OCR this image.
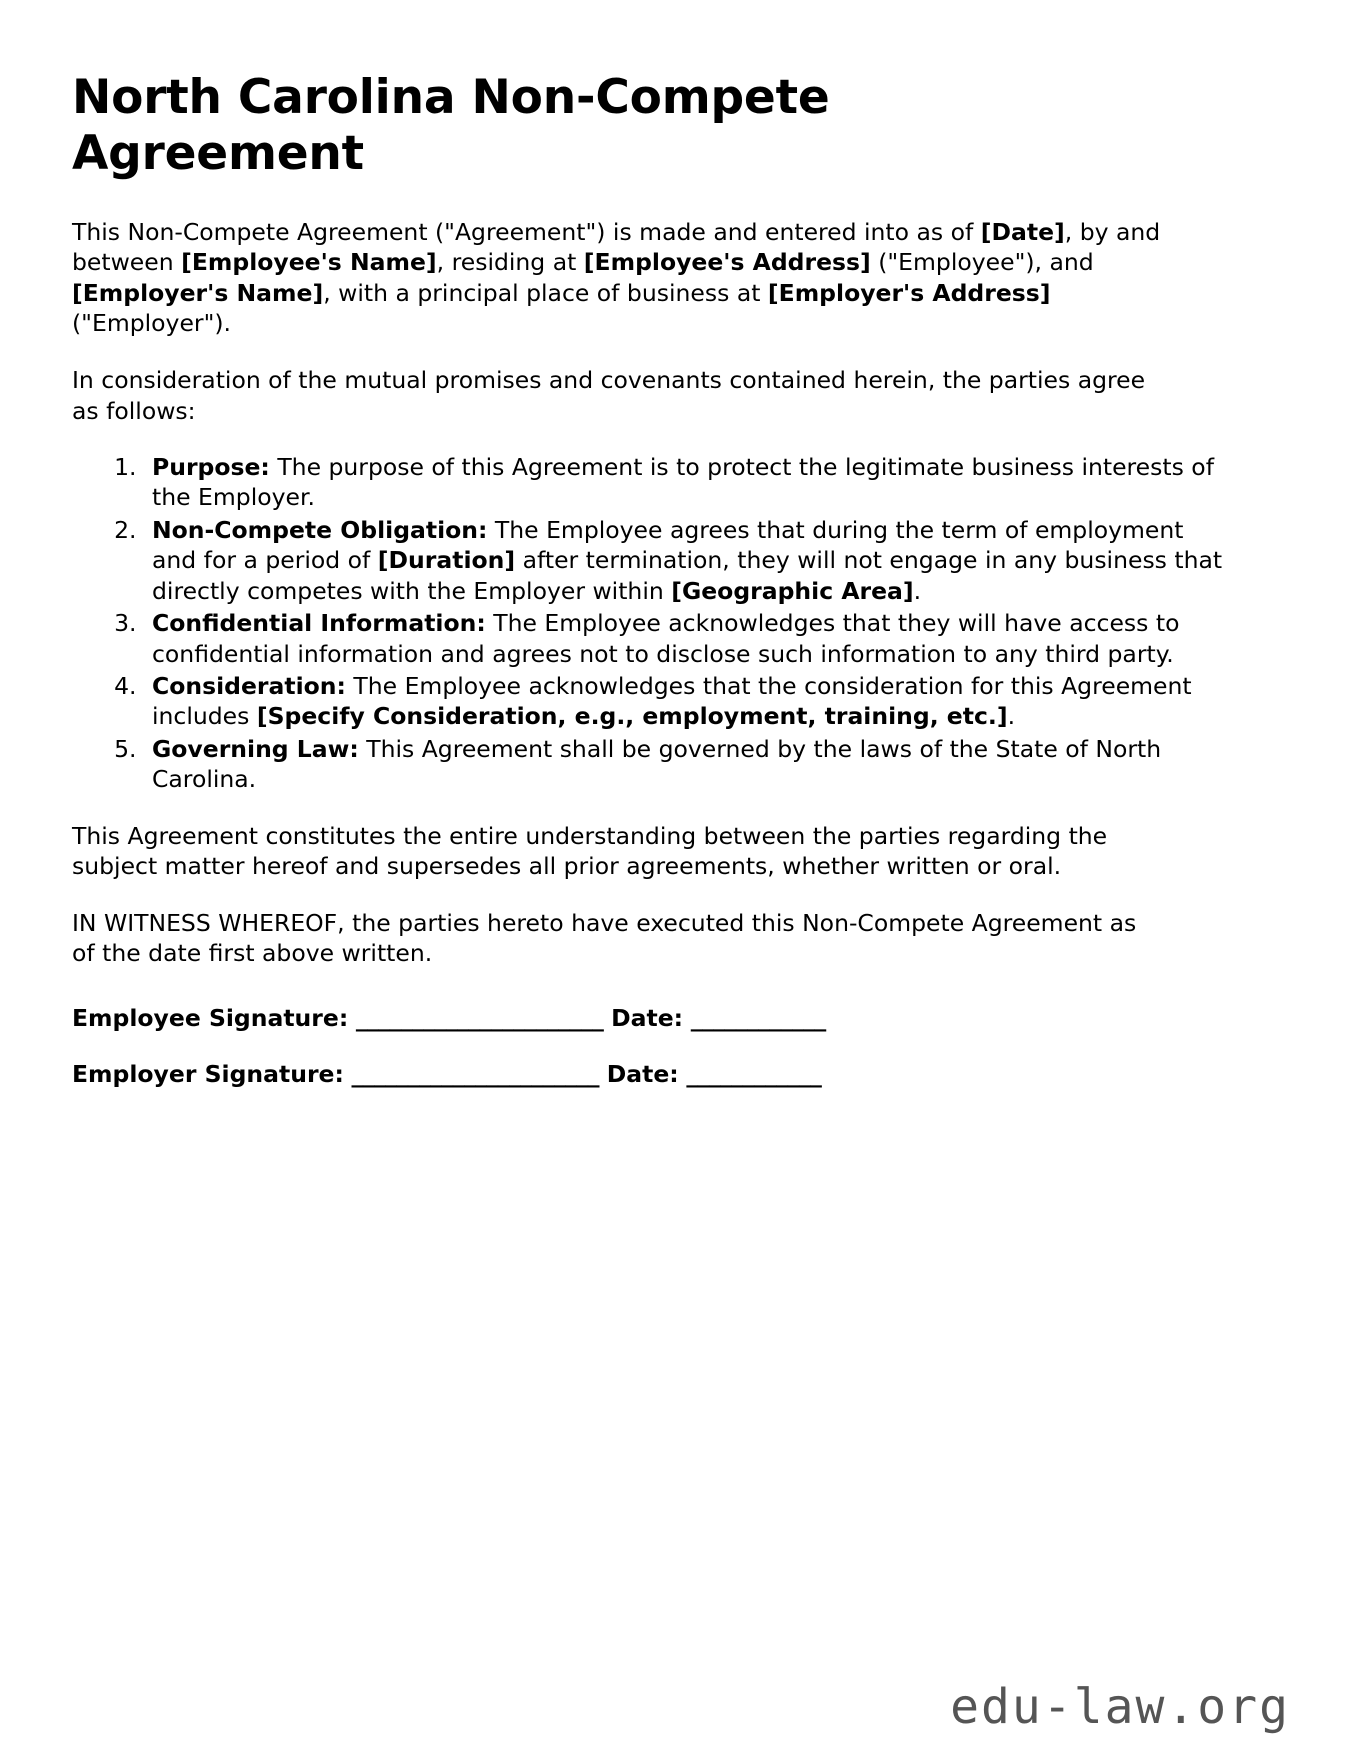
North Carolina Non-Compete Agreement

This Non-Compete Agreement ("Agreement") is made and entered into as of [Date], by and between [Employee's Name], residing at [Employee's Address] ("Employee"), and [Employer's Name], with a principal place of business at [Employer's Address] ("Employer").

In consideration of the mutual promises and covenants contained herein, the parties agree as follows:

1. Purpose: The purpose of this Agreement is to protect the legitimate business interests of the Employer.
2. Non-Compete Obligation: The Employee agrees that during the term of employment and for a period of [Duration] after termination, they will not engage in any business that directly competes with the Employer within [Geographic Area].
3. Confidential Information: The Employee acknowledges that they will have access to confidential information and agrees not to disclose such information to any third party.
4. Consideration: The Employee acknowledges that the consideration for this Agreement includes [Specify Consideration, e.g., employment, training, etc.].
5. Governing Law: This Agreement shall be governed by the laws of the State of North Carolina.

This Agreement constitutes the entire understanding between the parties regarding the subject matter hereof and supersedes all prior agreements, whether written or oral.

IN WITNESS WHEREOF, the parties hereto have executed this Non-Compete Agreement as of the date first above written.

Employee Signature: ______________________ Date: ____________
Employer Signature: ______________________ Date: ____________
edu-law.org
